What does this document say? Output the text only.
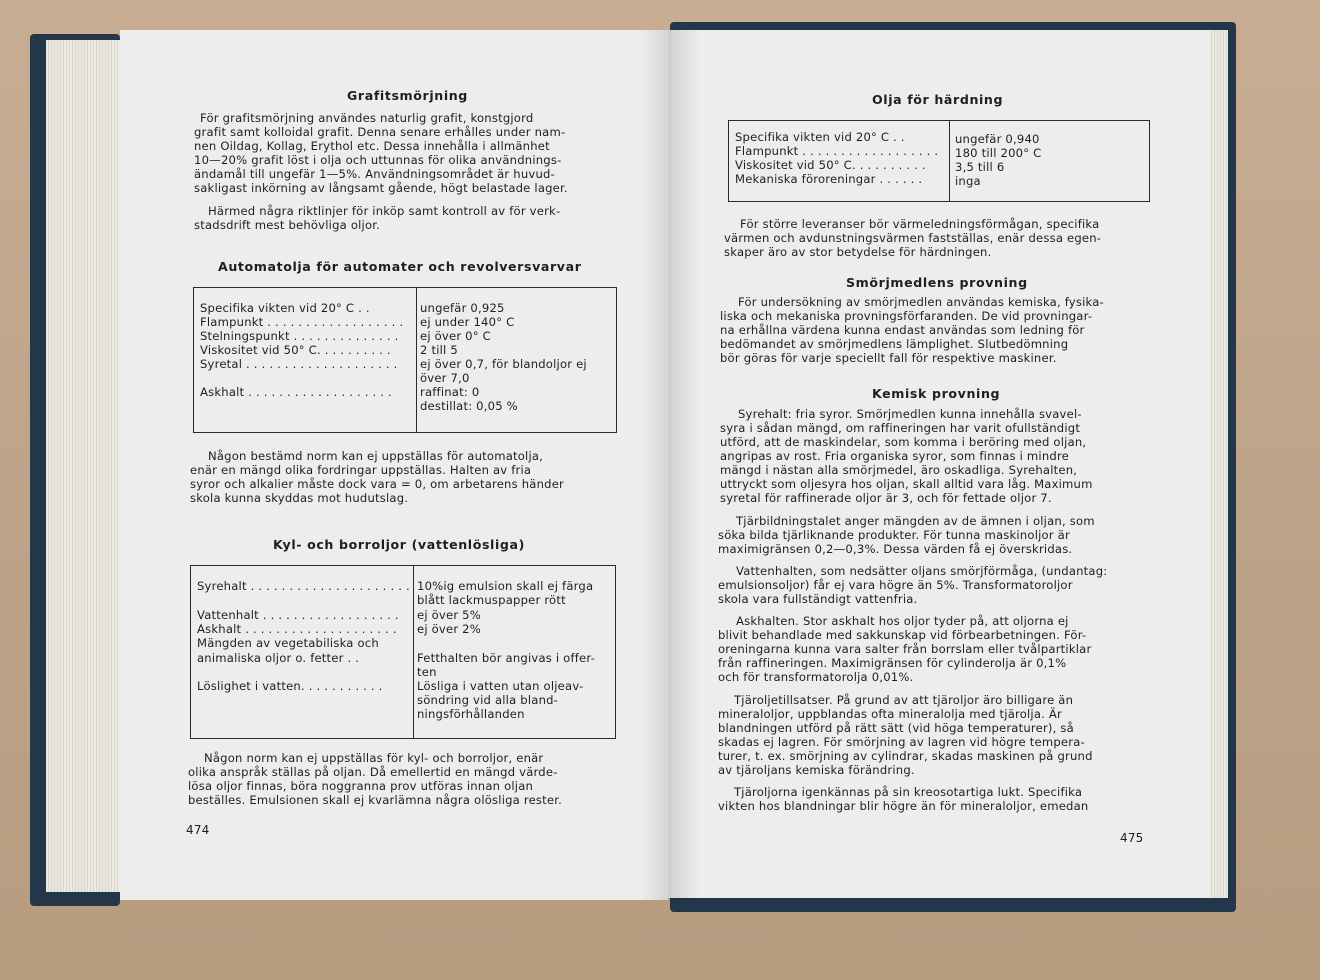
Grafitsmörjning
För grafitsmörjning användes naturlig grafit, konstgjord
grafit samt kolloidal grafit. Denna senare erhålles under nam-
nen Oildag, Kollag, Erythol etc. Dessa innehålla i allmänhet
10—20% grafit löst i olja och uttunnas för olika användnings-
ändamål till ungefär 1—5%. Användningsområdet är huvud-
sakligast inkörning av långsamt gående, högt belastade lager.
Härmed några riktlinjer för inköp samt kontroll av för verk-
stadsdrift mest behövliga oljor.
Automatolja för automater och revolversvarvar
Specifika vikten vid 20° C . .	ungefär 0,925
Flampunkt . . . . . . . . . . . . . . . . . . ej under 140° C
Stelningspunkt . . . . . . . . . . . . . . ej över 0° C
Viskositet vid 50° C. . . . . . . . . .	2 till 5
Syretal . . . . . . . . . . . . . . . . . . . . ej över 0,7, för blandoljor ej
över 7,0
Askhalt . . . . . . . . . . . . . . . . . . . raffinat: 0
destillat: 0,05 %
Någon bestämd norm kan ej uppställas för automatolja,
enär en mängd olika fordringar uppställas. Halten av fria
syror och alkalier måste dock vara = 0, om arbetarens händer
skola kunna skyddas mot hudutslag.
Kyl- och borroljor (vattenlösliga)
Syrehalt . . . . . . . . . . . . . . . . . . . . . 10%ig emulsion skall ej färga
blått lackmuspapper rött
Vattenhalt . . . . . . . . . . . . . . . . . . ej över 5%
Askhalt . . . . . . . . . . . . . . . . . . . . ej över 2%
Mängden av vegetabiliska och
animaliska oljor o. fetter . .	Fetthalten bör angivas i offer-
ten
Löslighet i vatten. . . . . . . . . . .	Lösliga i vatten utan oljeav-
söndring vid alla bland-
ningsförhållanden
Någon norm kan ej uppställas för kyl- och borroljor, enär
olika anspråk ställas på oljan. Då emellertid en mängd värde-
lösa oljor finnas, böra noggranna prov utföras innan oljan
beställes. Emulsionen skall ej kvarlämna några olösliga rester.
474
Olja för härdning
Specifika vikten vid 20° C . .	ungefär 0,940
Flampunkt . . . . . . . . . . . . . . . . . . 180 till 200° C
Viskositet vid 50° C. . . . . . . . . .	3,5 till 6
Mekaniska föroreningar . . . . . .	inga
För större leveranser bör värmeledningsförmågan, specifika
värmen och avdunstningsvärmen fastställas, enär dessa egen-
skaper äro av stor betydelse för härdningen.
Smörjmedlens provning
För undersökning av smörjmedlen användas kemiska, fysika-
liska och mekaniska provningsförfaranden. De vid provningar-
na erhållna värdena kunna endast användas som ledning för
bedömandet av smörjmedlens lämplighet. Slutbedömning
bör göras för varje speciellt fall för respektive maskiner.
Kemisk provning
Syrehalt: fria syror. Smörjmedlen kunna innehålla svavel-
syra i sådan mängd, om raffineringen har varit ofullständigt
utförd, att de maskindelar, som komma i beröring med oljan,
angripas av rost. Fria organiska syror, som finnas i mindre
mängd i nästan alla smörjmedel, äro oskadliga. Syrehalten,
uttryckt som oljesyra hos oljan, skall alltid vara låg. Maximum
syretal för raffinerade oljor är 3, och för fettade oljor 7.
Tjärbildningstalet anger mängden av de ämnen i oljan, som
söka bilda tjärliknande produkter. För tunna maskinoljor är
maximigränsen 0,2—0,3%. Dessa värden få ej överskridas.
Vattenhalten, som nedsätter oljans smörjförmåga, (undantag:
emulsionsoljor) får ej vara högre än 5%. Transformatoroljor
skola vara fullständigt vattenfria.
Askhalten. Stor askhalt hos oljor tyder på, att oljorna ej
blivit behandlade med sakkunskap vid förbearbetningen. För-
oreningarna kunna vara salter från borrslam eller tvålpartiklar
från raffineringen. Maximigränsen för cylinderolja är 0,1%
och för transformatorolja 0,01%.
Tjäroljetillsatser. På grund av att tjäroljor äro billigare än
mineraloljor, uppblandas ofta mineralolja med tjärolja. Är
blandningen utförd på rätt sätt (vid höga temperaturer), så
skadas ej lagren. För smörjning av lagren vid högre tempera-
turer, t. ex. smörjning av cylindrar, skadas maskinen på grund
av tjäroljans kemiska förändring.
Tjäroljorna igenkännas på sin kreosotartiga lukt. Specifika
vikten hos blandningar blir högre än för mineraloljor, emedan
475
